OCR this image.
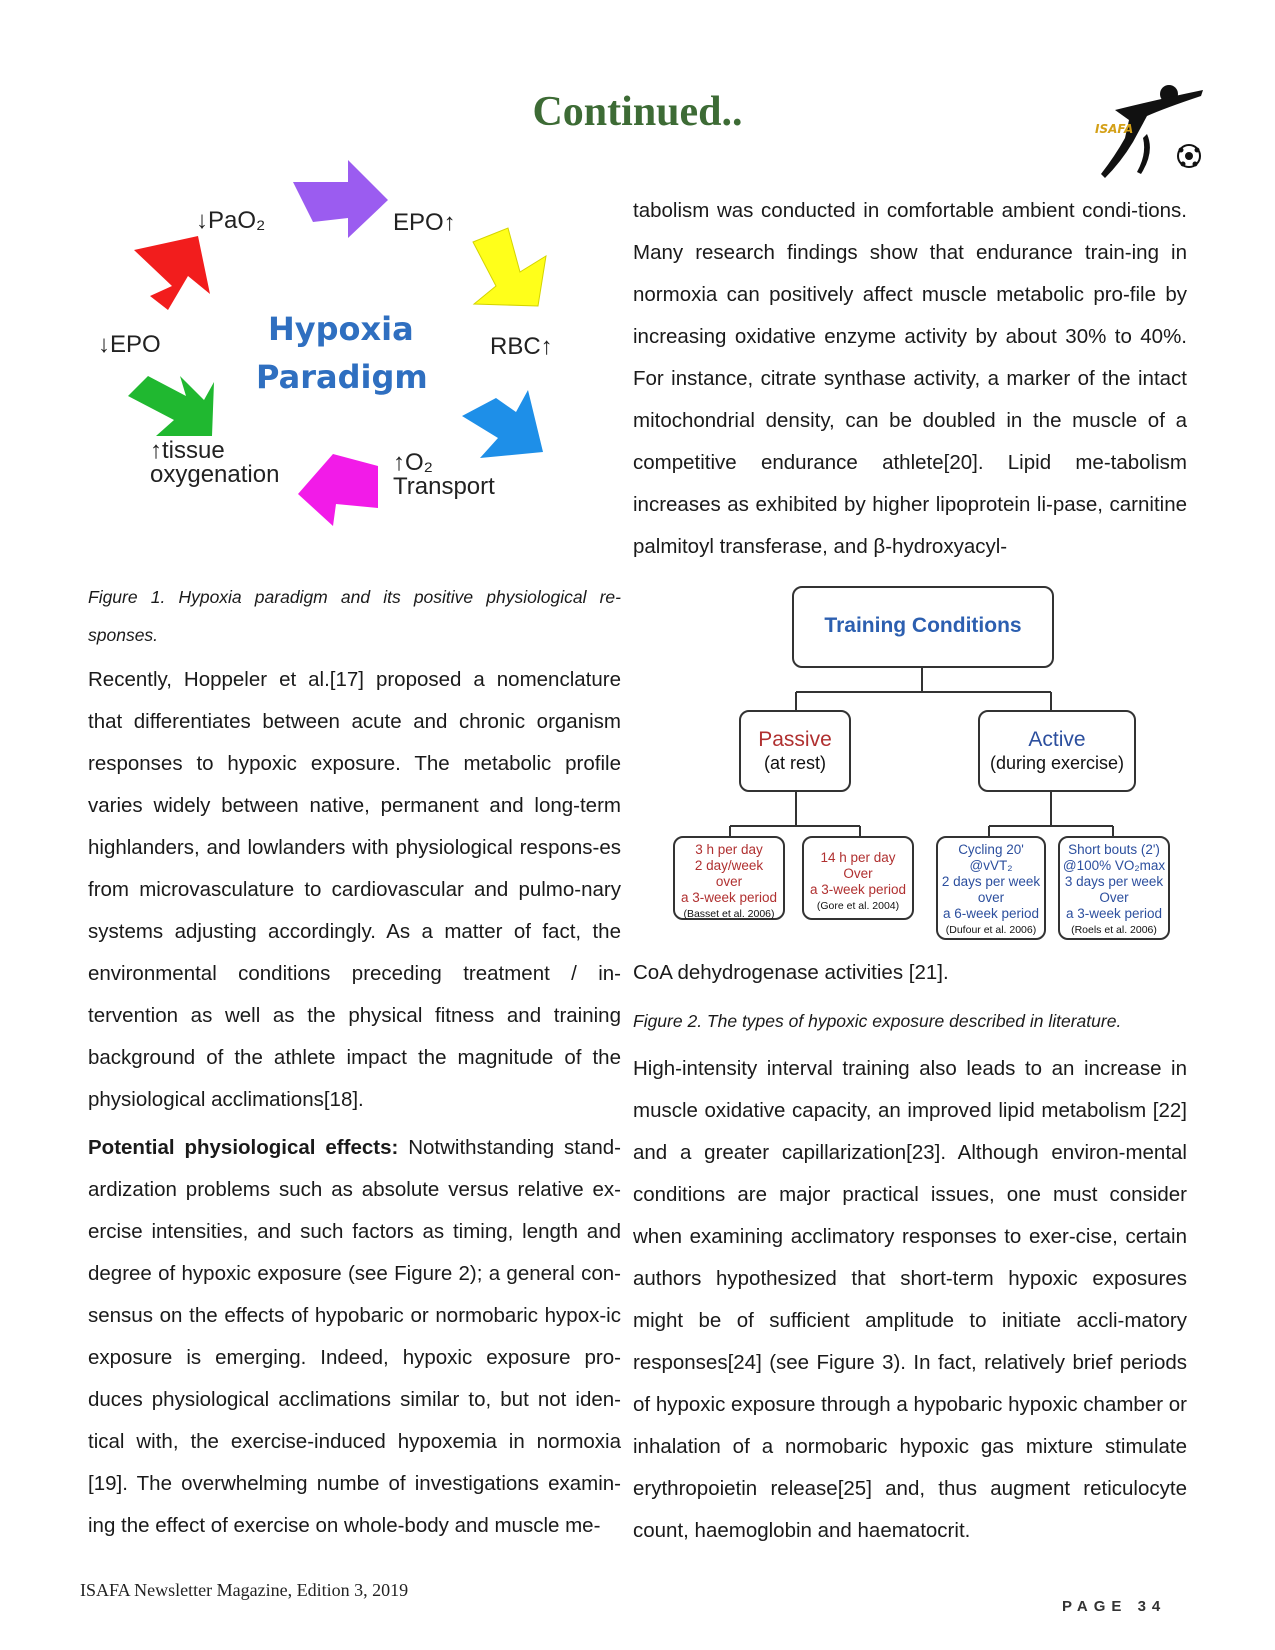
Continued..	ISAFA
↓PaO₂	EPO↑
RBC↑
↑O₂
Transport
↑tissue
oxygenation
↓EPO	Hypoxia
Paradigm
Figure 1. Hypoxia paradigm and its positive physiological re-sponses.

Recently, Hoppeler et al.[17] proposed a nomenclature that differentiates between acute and chronic organism responses to hypoxic exposure. The metabolic profile varies widely between native, permanent and long-term highlanders, and lowlanders with physiological respons-es from microvasculature to cardiovascular and pulmo-nary systems adjusting accordingly. As a matter of fact, the environmental conditions preceding treatment / in-tervention as well as the physical fitness and training background of the athlete impact the magnitude of the physiological acclimations[18].

Potential physiological effects: Notwithstanding stand-ardization problems such as absolute versus relative ex-ercise intensities, and such factors as timing, length and degree of hypoxic exposure (see Figure 2); a general con-sensus on the effects of hypobaric or normobaric hypox-ic exposure is emerging. Indeed, hypoxic exposure pro-duces physiological acclimations similar to, but not iden-tical with, the exercise-induced hypoxemia in normoxia [19]. The overwhelming numbe of investigations examin-ing the effect of exercise on whole-body and muscle me-

tabolism was conducted in comfortable ambient condi-tions. Many research findings show that endurance train-ing in normoxia can positively affect muscle metabolic pro-file by increasing oxidative enzyme activity by about 30% to 40%. For instance, citrate synthase activity, a marker of the intact mitochondrial density, can be doubled in the muscle of a competitive endurance athlete[20]. Lipid me-tabolism increases as exhibited by higher lipoprotein li-pase, carnitine palmitoyl transferase, and β-hydroxyacyl-
Training Conditions
Passive
(at rest)
Active
(during exercise)
3 h per day
2 day/week
over
a 3-week period
(Basset et al. 2006)
14 h per day
Over
a 3-week period
(Gore et al. 2004)
Cycling 20'
@vVT₂
2 days per week
over
a 6-week period
(Dufour et al. 2006)
Short bouts (2')
@100% VO₂max
3 days per week
Over
a 3-week period
(Roels et al. 2006)
CoA dehydrogenase activities [21].
Figure 2. The types of hypoxic exposure described in literature.
High-intensity interval training also leads to an increase in muscle oxidative capacity, an improved lipid metabolism [22] and a greater capillarization[23]. Although environ-mental conditions are major practical issues, one must consider when examining acclimatory responses to exer-cise, certain authors hypothesized that short-term hypoxic exposures might be of sufficient amplitude to initiate accli-matory responses[24] (see Figure 3). In fact, relatively brief periods of hypoxic exposure through a hypobaric hypoxic chamber or inhalation of a normobaric hypoxic gas mixture stimulate erythropoietin release[25] and, thus augment reticulocyte count, haemoglobin and haematocrit.
ISAFA Newsletter Magazine, Edition 3, 2019
PAGE 34
